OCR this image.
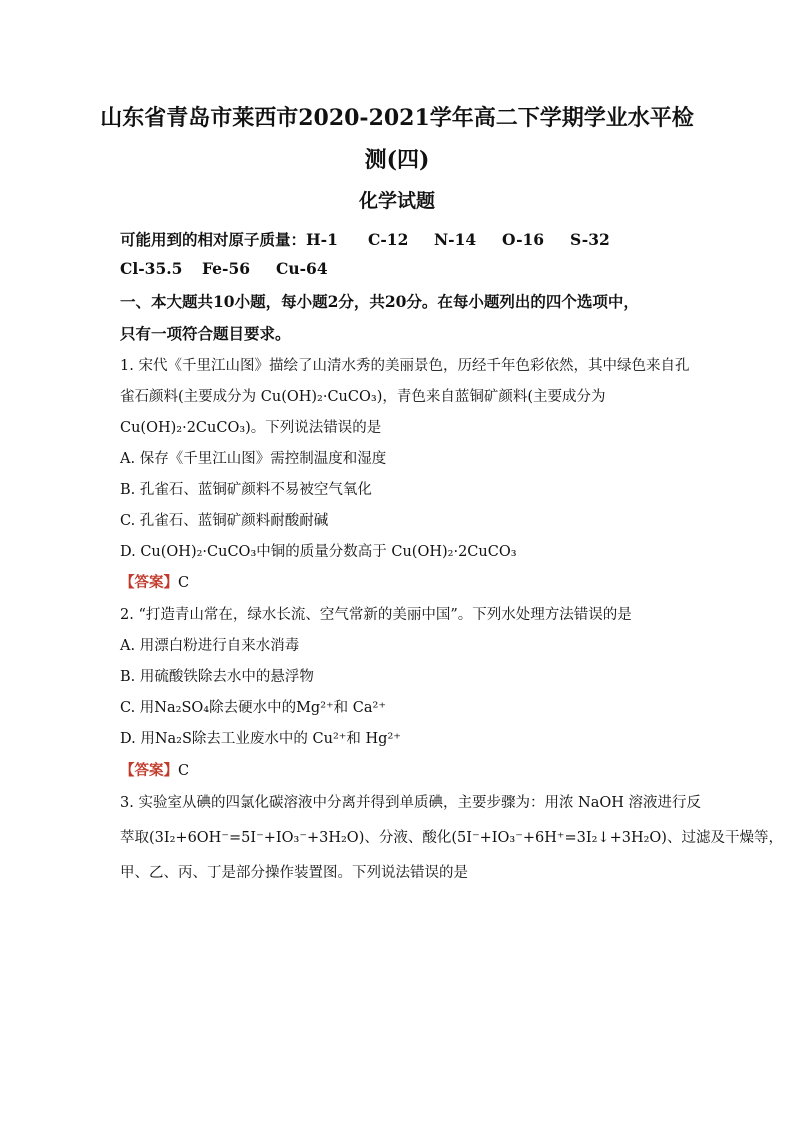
山东省青岛市莱西市2020-2021学年高二下学期学业水平检
测(四)
化学试题
可能用到的相对原子质量：H-1 C-12 N-14 O-16 S-32
Cl-35.5 Fe-56 Cu-64
一、本大题共10小题，每小题2分，共20分。在每小题列出的四个选项中，
只有一项符合题目要求。
1. 宋代《千里江山图》描绘了山清水秀的美丽景色，历经千年色彩依然，其中绿色来自孔
雀石颜料(主要成分为 Cu(OH)₂·CuCO₃)，青色来自蓝铜矿颜料(主要成分为
Cu(OH)₂·2CuCO₃)。下列说法错误的是
A. 保存《千里江山图》需控制温度和湿度
B. 孔雀石、蓝铜矿颜料不易被空气氧化
C. 孔雀石、蓝铜矿颜料耐酸耐碱
D. Cu(OH)₂·CuCO₃中铜的质量分数高于 Cu(OH)₂·2CuCO₃
【答案】C
2. “打造青山常在，绿水长流、空气常新的美丽中国”。下列水处理方法错误的是
A. 用漂白粉进行自来水消毒
B. 用硫酸铁除去水中的悬浮物
C. 用Na₂SO₄除去硬水中的Mg²⁺和 Ca²⁺
D. 用Na₂S除去工业废水中的 Cu²⁺和 Hg²⁺
【答案】C
3. 实验室从碘的四氯化碳溶液中分离并得到单质碘，主要步骤为：用浓 NaOH 溶液进行反
萃取(3I₂+6OH⁻=5I⁻+IO₃⁻+3H₂O)、分液、酸化(5I⁻+IO₃⁻+6H⁺=3I₂↓+3H₂O)、过滤及干燥等，
甲、乙、丙、丁是部分操作装置图。下列说法错误的是
